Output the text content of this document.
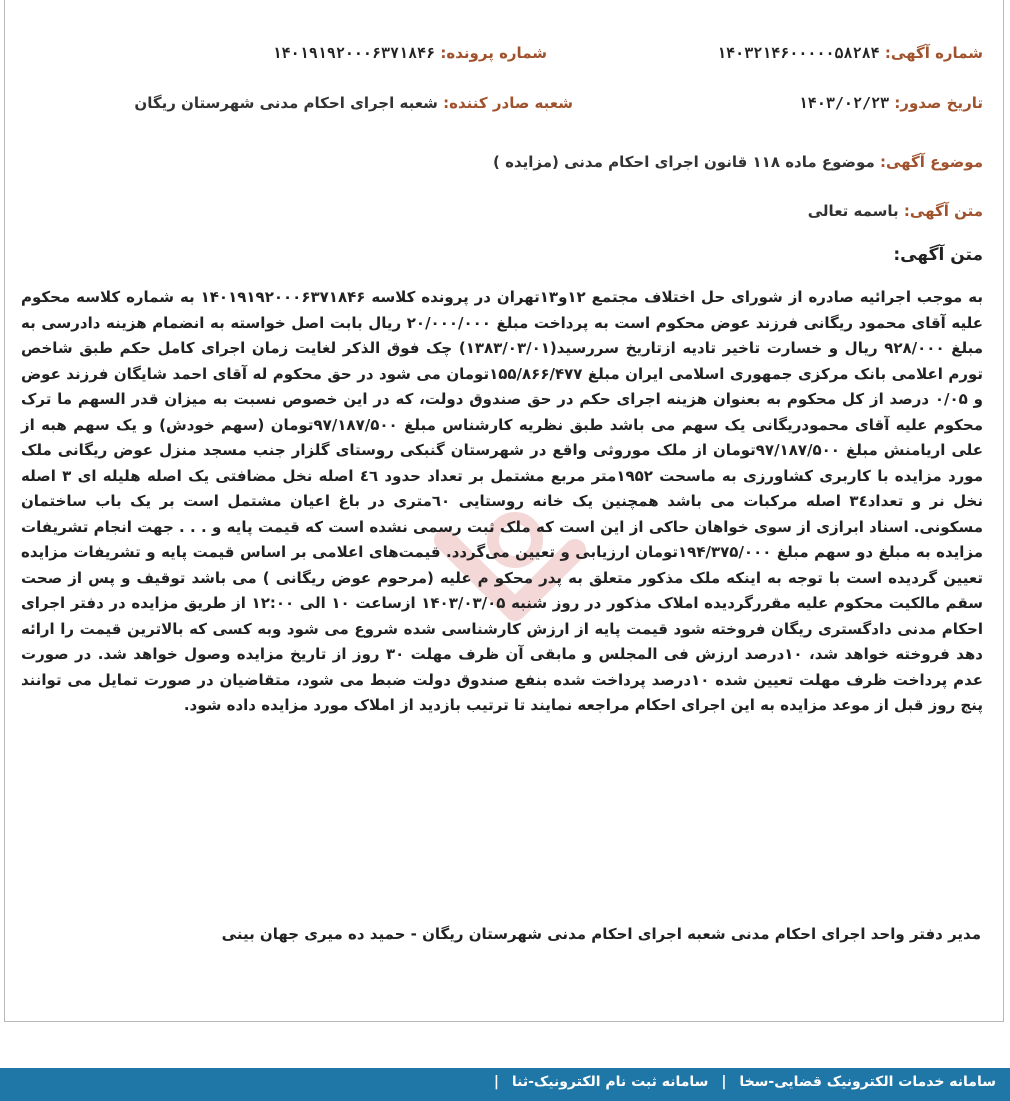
شماره آگهی: ۱۴۰۳۲۱۴۶۰۰۰۰۰۵۸۲۸۴
شماره پرونده: ۱۴۰۱۹۱۹۲۰۰۰۶۳۷۱۸۴۶
تاریخ صدور: ۱۴۰۳/۰۲/۲۳
شعبه صادر کننده: شعبه اجرای احکام مدنی شهرستان ریگان
موضوع آگهی: موضوع ماده ۱۱۸ قانون اجرای احکام مدنی (مزایده )
متن آگهی: باسمه تعالی
متن آگهی:
به موجب اجرائیه صادره از شورای حل اختلاف مجتمع ۱۲و۱۳تهران در پرونده کلاسه ۱۴۰۱۹۱۹۲۰۰۰۶۳۷۱۸۴۶ به شماره کلاسه محکوم علیه آقای محمود ریگانی فرزند عوض محکوم است به پرداخت مبلغ ۲۰/۰۰۰/۰۰۰ ریال بابت اصل خواسته به انضمام هزینه دادرسی به مبلغ ۹۲۸/۰۰۰ ریال و خسارت تاخیر تادیه ازتاریخ سررسید(۱۳۸۳/۰۳/۰۱) چک فوق الذکر لغایت زمان اجرای کامل حکم طبق شاخص تورم اعلامی بانک مرکزی جمهوری اسلامی ایران مبلغ ۱۵۵/۸۶۶/۴۷۷تومان می شود در حق محکوم له آقای احمد شایگان فرزند عوض و ۰/۰۵ درصد از کل محکوم به بعنوان هزینه اجرای حکم در حق صندوق دولت، که در این خصوص نسبت به میزان قدر السهم ما ترک محکوم علیه آقای محمودریگانی یک سهم می باشد طبق نظریه کارشناس مبلغ ۹۷/۱۸۷/۵۰۰تومان (سهم خودش) و یک سهم هبه از علی اریامنش مبلغ ۹۷/۱۸۷/۵۰۰تومان از ملک موروثی واقع در شهرستان گنبکی روستای گلزار جنب مسجد منزل عوض ریگانی ملک مورد مزایده با کاربری کشاورزی به ماسحت ۱۹۵۲متر مربع مشتمل بر تعداد حدود ٤٦ اصله نخل مضافتی یک اصله هلیله ای ۳ اصله نخل نر و تعداد۳٤ اصله مرکبات می باشد همچنین یک خانه روستایی ٦۰متری در باغ اعیان مشتمل است بر یک باب ساختمان مسکونی. اسناد ابرازی از سوی خواهان حاکی از این است که ملک ثبت رسمی نشده است که قیمت پایه و . . . جهت انجام تشریفات مزایده به مبلغ دو سهم مبلغ ۱۹۴/۳۷۵/۰۰۰تومان ارزیابی و تعیین می‌گردد. قیمت‌های اعلامی بر اساس قیمت پایه و تشریفات مزایده تعیین گردیده است با توجه به اینکه ملک مذکور متعلق به پدر محکو م علیه (مرحوم عوض ریگانی ) می باشد توقیف و پس از صحت سقم مالکیت محکوم علیه مقررگردیده املاک مذکور در روز شنبه ۱۴۰۳/۰۳/۰۵ ازساعت ۱۰ الی ۱۲:۰۰ از طریق مزایده در دفتر اجرای احکام مدنی دادگستری ریگان فروخته شود قیمت پایه از ارزش کارشناسی شده شروع می شود وبه کسی که بالاترین قیمت را ارائه دهد فروخته خواهد شد، ۱۰درصد ارزش فی المجلس و مابقی آن ظرف مهلت ۳۰ روز از تاریخ مزایده وصول خواهد شد. در صورت عدم پرداخت ظرف مهلت تعیین شده ۱۰درصد پرداخت شده بنفع صندوق دولت ضبط می شود، متقاضیان در صورت تمایل می توانند پنج روز قبل از موعد مزایده به این اجرای احکام مراجعه نمایند تا ترتیب بازدید از املاک مورد مزایده داده شود.
مدیر دفتر واحد اجرای احکام مدنی شعبه اجرای احکام مدنی شهرستان ریگان - حمید ده میری جهان بینی
سامانه خدمات الکترونیک قضایی-سخا | سامانه ثبت نام الکترونیک-ثنا |
